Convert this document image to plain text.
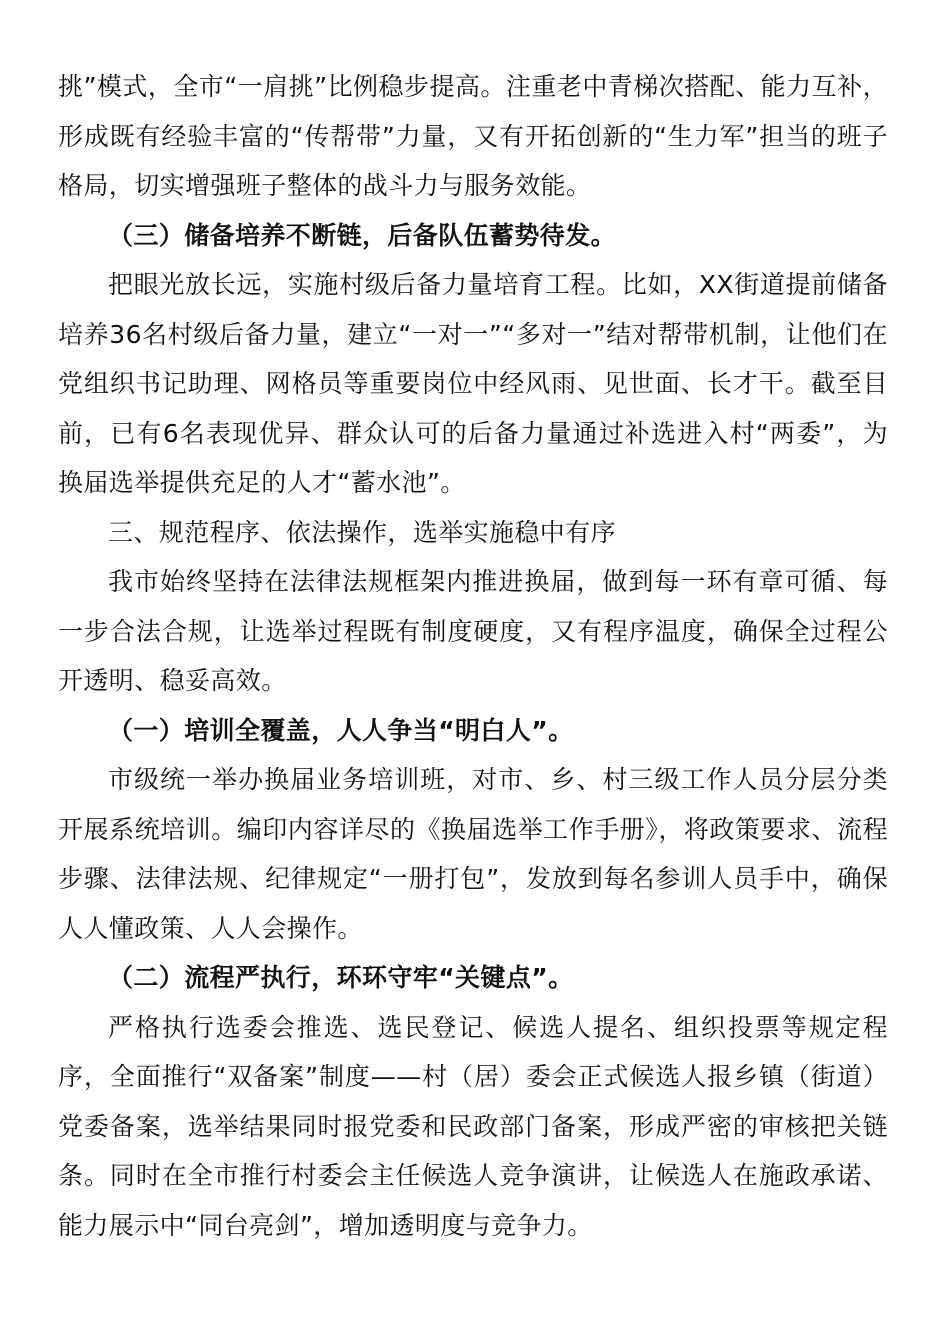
挑”模式，全市“一肩挑”比例稳步提高。注重老中青梯次搭配、能力互补，形成既有经验丰富的“传帮带”力量，又有开拓创新的“生力军”担当的班子格局，切实增强班子整体的战斗力与服务效能。

（三）储备培养不断链，后备队伍蓄势待发。

把眼光放长远，实施村级后备力量培育工程。比如，XX街道提前储备培养36名村级后备力量，建立“一对一”“多对一”结对帮带机制，让他们在党组织书记助理、网格员等重要岗位中经风雨、见世面、长才干。截至目前，已有6名表现优异、群众认可的后备力量通过补选进入村“两委”，为换届选举提供充足的人才“蓄水池”。

三、规范程序、依法操作，选举实施稳中有序

我市始终坚持在法律法规框架内推进换届，做到每一环有章可循、每一步合法合规，让选举过程既有制度硬度，又有程序温度，确保全过程公开透明、稳妥高效。

（一）培训全覆盖，人人争当“明白人”。

市级统一举办换届业务培训班，对市、乡、村三级工作人员分层分类开展系统培训。编印内容详尽的《换届选举工作手册》，将政策要求、流程步骤、法律法规、纪律规定“一册打包”，发放到每名参训人员手中，确保人人懂政策、人人会操作。

（二）流程严执行，环环守牢“关键点”。

严格执行选委会推选、选民登记、候选人提名、组织投票等规定程序，全面推行“双备案”制度——村（居）委会正式候选人报乡镇（街道）党委备案，选举结果同时报党委和民政部门备案，形成严密的审核把关链条。同时在全市推行村委会主任候选人竞争演讲，让候选人在施政承诺、能力展示中“同台亮剑”，增加透明度与竞争力。
